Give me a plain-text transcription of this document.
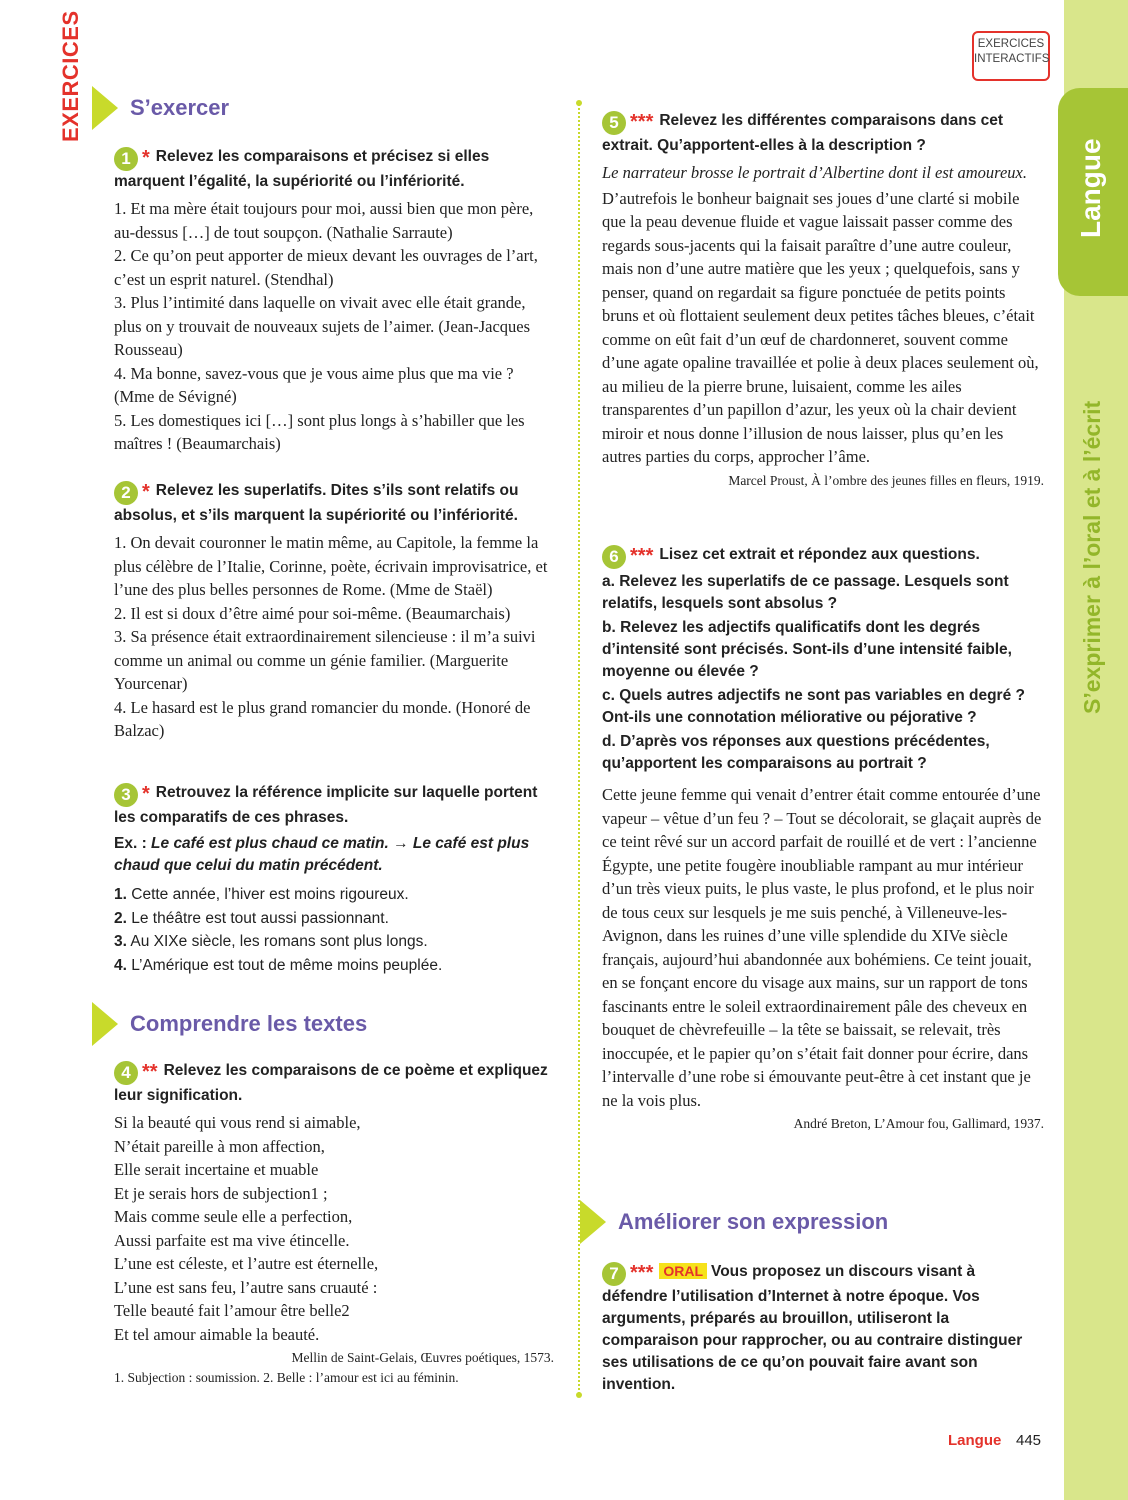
Langue
S’exprimer à l’oral et à l’écrit
EXERCICES	EXERCICES INTERACTIFS
S’exercer
1 * Relevez les comparaisons et précisez si elles marquent l’égalité, la supériorité ou l’infériorité.

1. Et ma mère était toujours pour moi, aussi bien que mon père, au-dessus […] de tout soupçon. (Nathalie Sarraute)

2. Ce qu’on peut apporter de mieux devant les ouvrages de l’art, c’est un esprit naturel. (Stendhal)

3. Plus l’intimité dans laquelle on vivait avec elle était grande, plus on y trouvait de nouveaux sujets de l’aimer. (Jean-Jacques Rousseau)

4. Ma bonne, savez-vous que je vous aime plus que ma vie ? (Mme de Sévigné)

5. Les domestiques ici […] sont plus longs à s’habiller que les maîtres ! (Beaumarchais)

2 * Relevez les superlatifs. Dites s’ils sont relatifs ou absolus, et s’ils marquent la supériorité ou l’infériorité.

1. On devait couronner le matin même, au Capitole, la femme la plus célèbre de l’Italie, Corinne, poète, écrivain improvisatrice, et l’une des plus belles personnes de Rome. (Mme de Staël)

2. Il est si doux d’être aimé pour soi-même. (Beaumarchais)

3. Sa présence était extraordinairement silencieuse : il m’a suivi comme un animal ou comme un génie familier. (Marguerite Yourcenar)

4. Le hasard est le plus grand romancier du monde. (Honoré de Balzac)

3 * Retrouvez la référence implicite sur laquelle portent les comparatifs de ces phrases.
Ex. : Le café est plus chaud ce matin. → Le café est plus chaud que celui du matin précédent.
1. Cette année, l’hiver est moins rigoureux.
2. Le théâtre est tout aussi passionnant.
3. Au XIXe siècle, les romans sont plus longs.
4. L’Amérique est tout de même moins peuplée.
Comprendre les textes
4 ** Relevez les comparaisons de ce poème et expliquez leur signification.

Si la beauté qui vous rend si aimable,

N’était pareille à mon affection,

Elle serait incertaine et muable

Et je serais hors de subjection1 ;

Mais comme seule elle a perfection,

Aussi parfaite est ma vive étincelle.

L’une est céleste, et l’autre est éternelle,

L’une est sans feu, l’autre sans cruauté :

Telle beauté fait l’amour être belle2

Et tel amour aimable la beauté.

Mellin de Saint-Gelais, Œuvres poétiques, 1573.
1. Subjection : soumission. 2. Belle : l’amour est ici au féminin.
5 *** Relevez les différentes comparaisons dans cet extrait. Qu’apportent-elles à la description ?
Le narrateur brosse le portrait d’Albertine dont il est amoureux.
D’autrefois le bonheur baignait ses joues d’une clarté si mobile que la peau devenue fluide et vague laissait passer comme des regards sous-jacents qui la faisait paraître d’une autre couleur, mais non d’une autre matière que les yeux ; quelquefois, sans y penser, quand on regardait sa figure ponctuée de petits points bruns et où flottaient seulement deux petites tâches bleues, c’était comme on eût fait d’un œuf de chardonneret, souvent comme d’une agate opaline travaillée et polie à deux places seulement où, au milieu de la pierre brune, luisaient, comme les ailes transparentes d’un papillon d’azur, les yeux où la chair devient miroir et nous donne l’illusion de nous laisser, plus qu’en les autres parties du corps, approcher l’âme.
Marcel Proust, À l’ombre des jeunes filles en fleurs, 1919.
6 *** Lisez cet extrait et répondez aux questions.
a. Relevez les superlatifs de ce passage. Lesquels sont relatifs, lesquels sont absolus ?
b. Relevez les adjectifs qualificatifs dont les degrés d’intensité sont précisés. Sont-ils d’une intensité faible, moyenne ou élevée ?
c. Quels autres adjectifs ne sont pas variables en degré ? Ont-ils une connotation méliorative ou péjorative ?
d. D’après vos réponses aux questions précédentes, qu’apportent les comparaisons au portrait ?
Cette jeune femme qui venait d’entrer était comme entourée d’une vapeur – vêtue d’un feu ? – Tout se décolorait, se glaçait auprès de ce teint rêvé sur un accord parfait de rouillé et de vert : l’ancienne Égypte, une petite fougère inoubliable rampant au mur intérieur d’un très vieux puits, le plus vaste, le plus profond, et le plus noir de tous ceux sur lesquels je me suis penché, à Villeneuve-les-Avignon, dans les ruines d’une ville splendide du XIVe siècle français, aujourd’hui abandonnée aux bohémiens. Ce teint jouait, en se fonçant encore du visage aux mains, sur un rapport de tons fascinants entre le soleil extraordinairement pâle des cheveux en bouquet de chèvrefeuille – la tête se baissait, se relevait, très inoccupée, et le papier qu’on s’était fait donner pour écrire, dans l’intervalle d’une robe si émouvante peut-être à cet instant que je ne la vois plus.
André Breton, L’Amour fou, Gallimard, 1937.
Améliorer son expression
7 *** ORAL Vous proposez un discours visant à défendre l’utilisation d’Internet à notre époque. Vos arguments, préparés au brouillon, utiliseront la comparaison pour rapprocher, ou au contraire distinguer ses utilisations de ce qu’on pouvait faire avant son invention.
Langue 445
